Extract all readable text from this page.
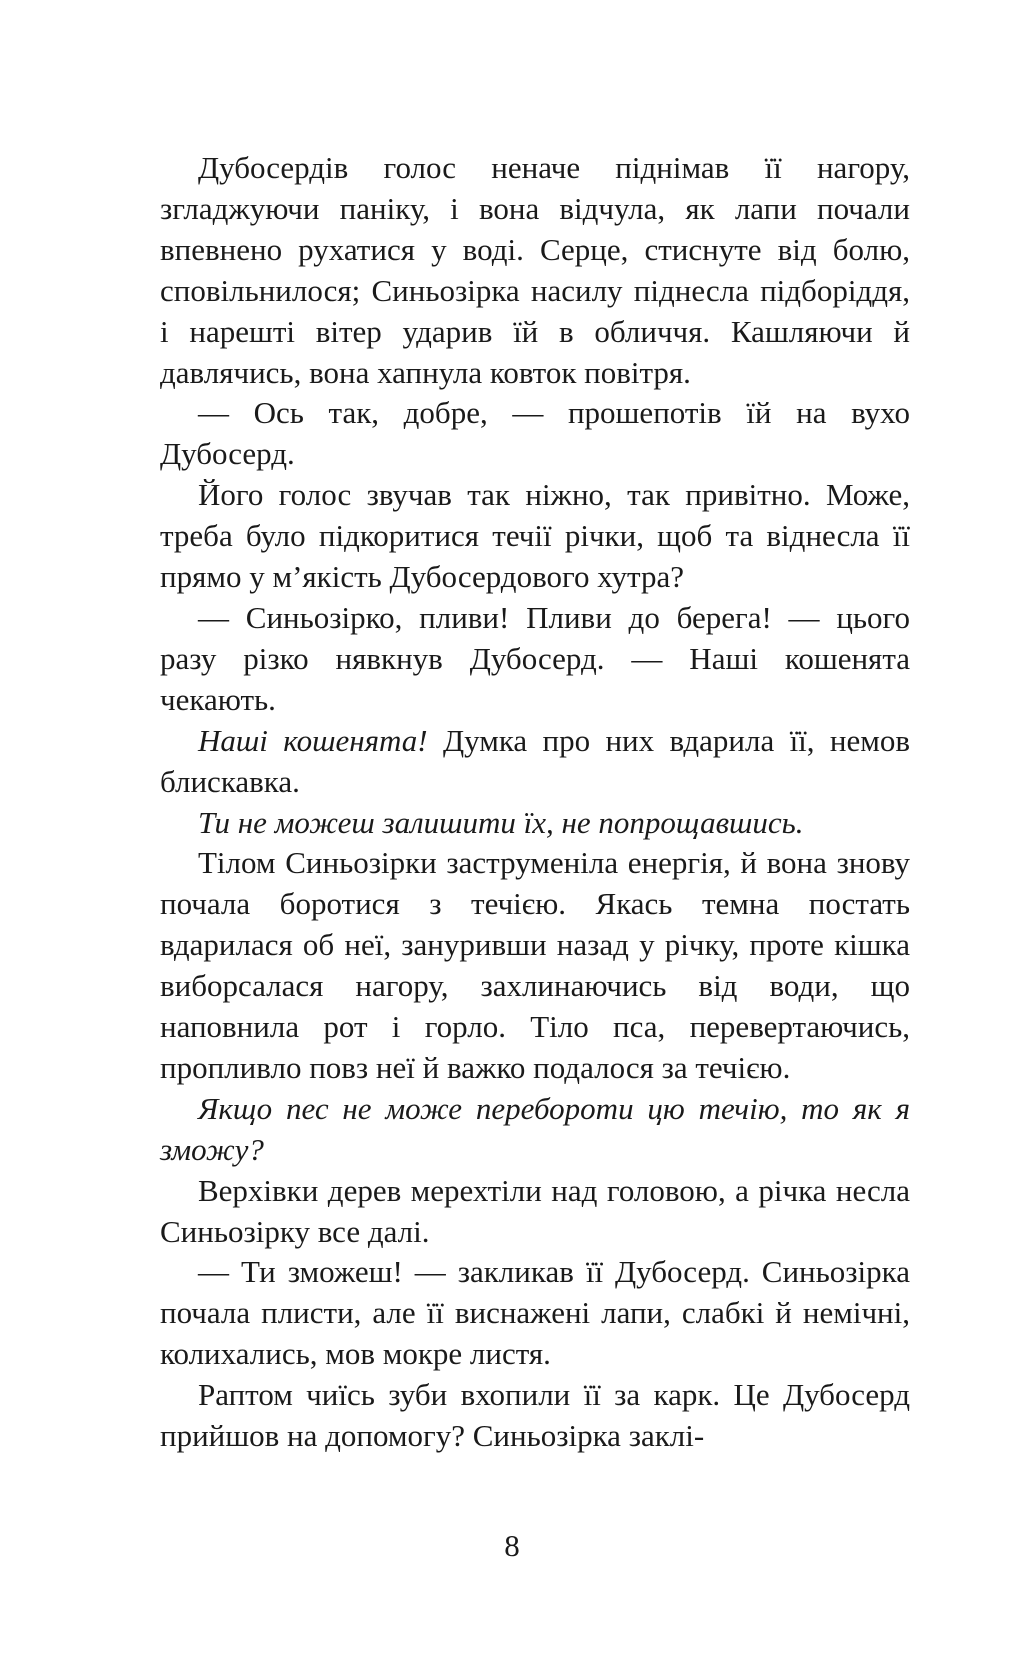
Дубосердів голос неначе піднімав її нагору, згладжуючи паніку, і вона відчула, як лапи почали впевнено рухатися у воді. Серце, стиснуте від болю, сповільнилося; Синьозірка насилу піднесла підборіддя, і нарешті вітер ударив їй в обличчя. Кашляючи й давлячись, вона хапнула ковток повітря.

— Ось так, добре, — прошепотів їй на вухо Дубосерд.

Його голос звучав так ніжно, так привітно. Може, треба було підкоритися течії річки, щоб та віднесла її прямо у м’якість Дубосердового хутра?

— Синьозірко, пливи! Пливи до берега! — цього разу різко нявкнув Дубосерд. — Наші кошенята чекають.

Наші кошенята! Думка про них вдарила її, немов блискавка.

Ти не можеш залишити їх, не попрощавшись.

Тілом Синьозірки заструменіла енергія, й вона знову почала боротися з течією. Якась темна постать вдарилася об неї, зануривши назад у річку, проте кішка виборсалася нагору, захлинаючись від води, що наповнила рот і горло. Тіло пса, перевертаючись, пропливло повз неї й важко подалося за течією.

Якщо пес не може перебороти цю течію, то як я зможу?

Верхівки дерев мерехтіли над головою, а річка несла Синьозірку все далі.

— Ти зможеш! — закликав її Дубосерд. Синьозірка почала плисти, але її виснажені лапи, слабкі й немічні, колихались, мов мокре листя.

Раптом чиїсь зуби вхопили її за карк. Це Дубосерд прийшов на допомогу? Синьозірка заклі-

8
